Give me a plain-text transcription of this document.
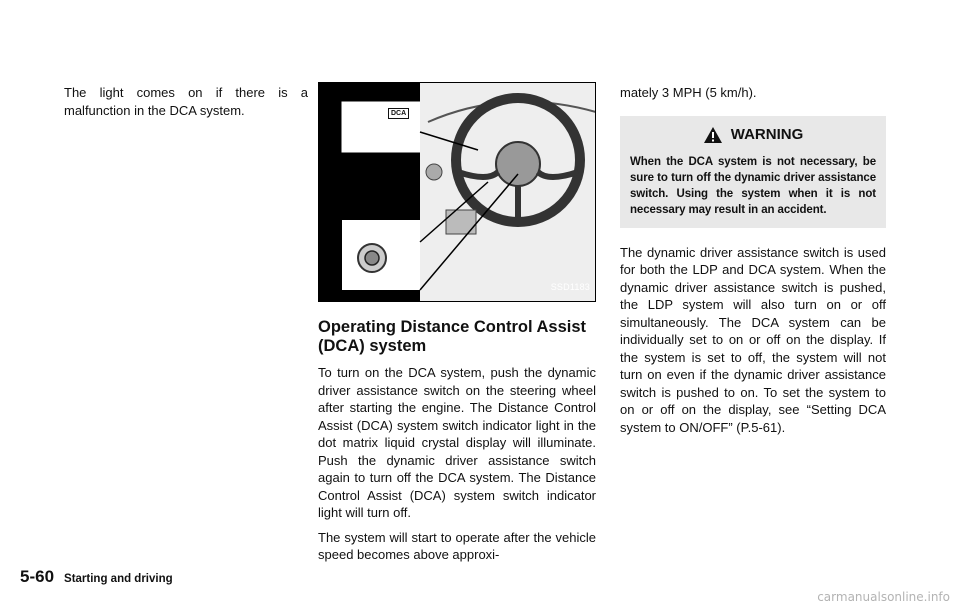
The light comes on if there is a malfunction in the DCA system.	DCA
SSD1183
Operating Distance Control Assist (DCA) system

To turn on the DCA system, push the dynamic driver assistance switch on the steering wheel after starting the engine. The Distance Control Assist (DCA) system switch indicator light in the dot matrix liquid crystal display will illuminate. Push the dynamic driver assistance switch again to turn off the DCA system. The Distance Control Assist (DCA) system switch indicator light will turn off.

The system will start to operate after the vehicle speed becomes above approxi-

mately 3 MPH (5 km/h).

WARNING
When the DCA system is not necessary, be sure to turn off the dynamic driver assistance switch. Using the system when it is not necessary may result in an accident.

The dynamic driver assistance switch is used for both the LDP and DCA system. When the dynamic driver assistance switch is pushed, the LDP system will also turn on or off simultaneously. The DCA system can be individually set to on or off on the display. If the system is set to off, the system will not turn on even if the dynamic driver assistance switch is pushed to on. To set the system to on or off on the display, see “Setting DCA system to ON/OFF” (P.5-61).

5-60 Starting and driving
carmanualsonline.info
